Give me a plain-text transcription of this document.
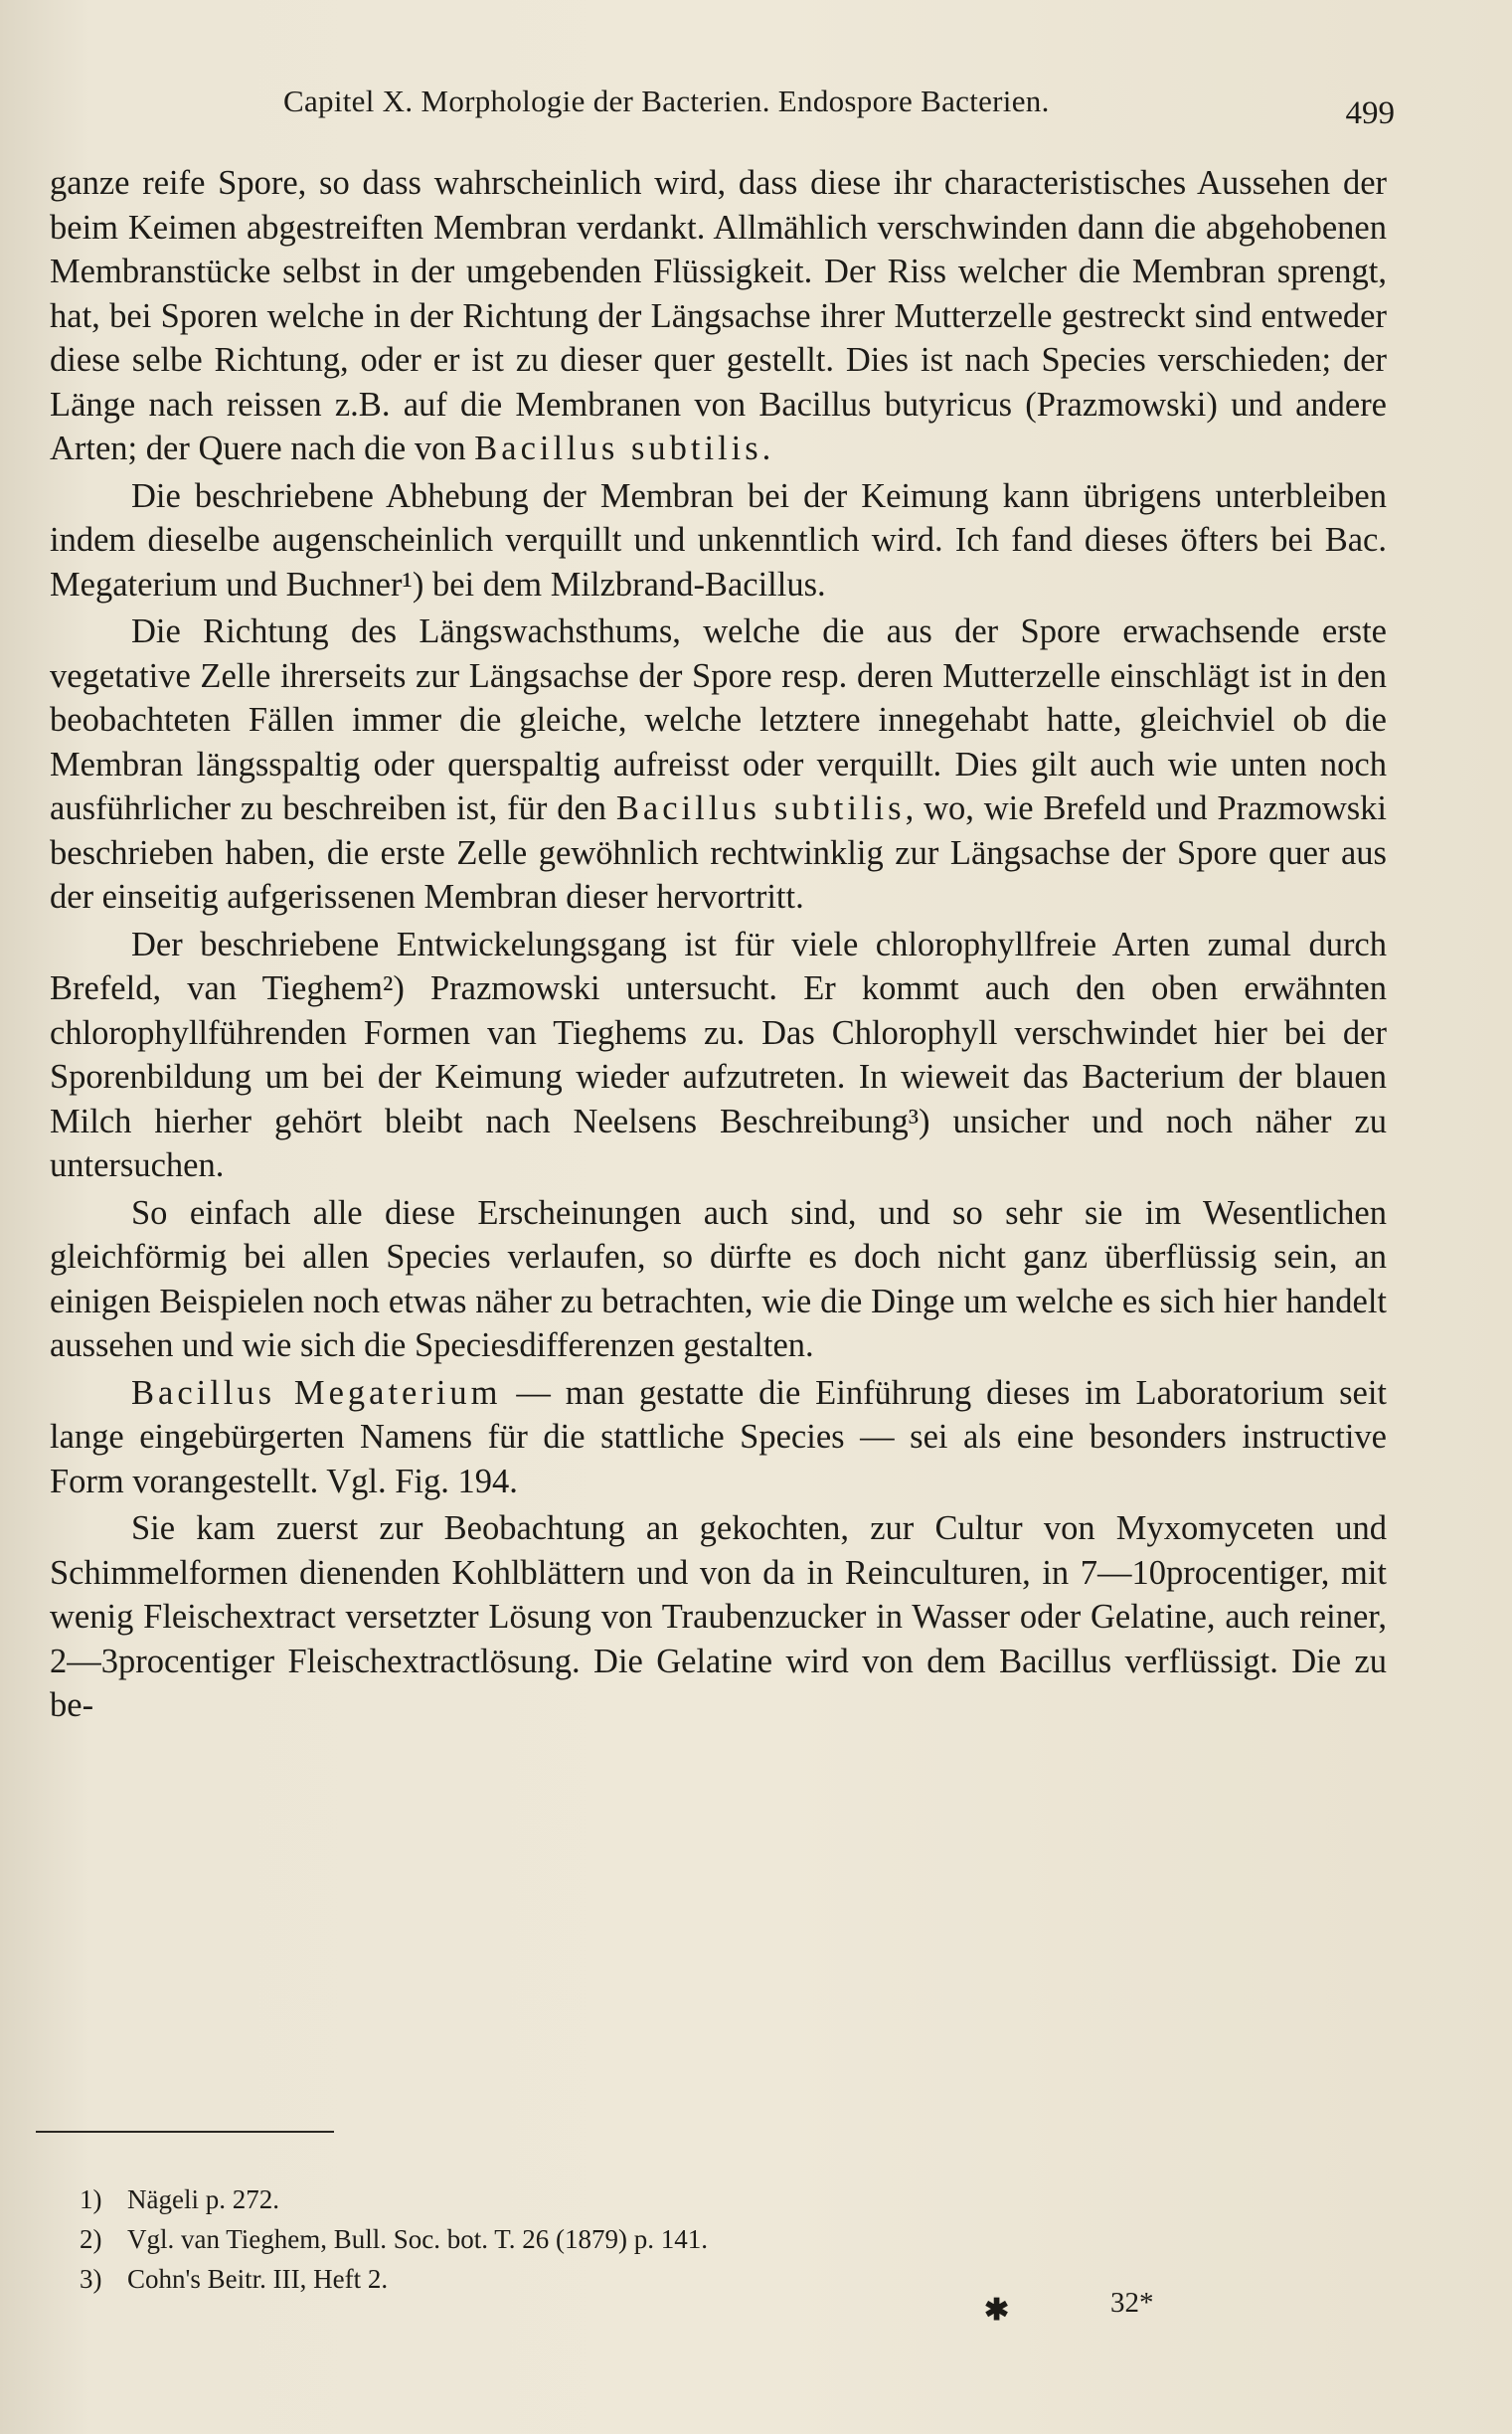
Capitel X. Morphologie der Bacterien. Endospore Bacterien.	499

ganze reife Spore, so dass wahrscheinlich wird, dass diese ihr characteristisches Aussehen der beim Keimen abgestreiften Membran verdankt. Allmählich verschwinden dann die abgehobenen Membranstücke selbst in der umgebenden Flüssigkeit. Der Riss welcher die Membran sprengt, hat, bei Sporen welche in der Richtung der Längsachse ihrer Mutterzelle gestreckt sind entweder diese selbe Richtung, oder er ist zu dieser quer gestellt. Dies ist nach Species verschieden; der Länge nach reissen z.B. auf die Membranen von Bacillus butyricus (Prazmowski) und andere Arten; der Quere nach die von Bacillus subtilis.

Die beschriebene Abhebung der Membran bei der Keimung kann übrigens unterbleiben indem dieselbe augenscheinlich verquillt und unkenntlich wird. Ich fand dieses öfters bei Bac. Megaterium und Buchner¹) bei dem Milzbrand-Bacillus.

Die Richtung des Längswachsthums, welche die aus der Spore erwachsende erste vegetative Zelle ihrerseits zur Längsachse der Spore resp. deren Mutterzelle einschlägt ist in den beobachteten Fällen immer die gleiche, welche letztere innegehabt hatte, gleichviel ob die Membran längsspaltig oder querspaltig aufreisst oder verquillt. Dies gilt auch wie unten noch ausführlicher zu beschreiben ist, für den Bacillus subtilis, wo, wie Brefeld und Prazmowski beschrieben haben, die erste Zelle gewöhnlich rechtwinklig zur Längsachse der Spore quer aus der einseitig aufgerissenen Membran dieser hervortritt.

Der beschriebene Entwickelungsgang ist für viele chlorophyllfreie Arten zumal durch Brefeld, van Tieghem²) Prazmowski untersucht. Er kommt auch den oben erwähnten chlorophyllführenden Formen van Tieghems zu. Das Chlorophyll verschwindet hier bei der Sporenbildung um bei der Keimung wieder aufzutreten. In wieweit das Bacterium der blauen Milch hierher gehört bleibt nach Neelsens Beschreibung³) unsicher und noch näher zu untersuchen.

So einfach alle diese Erscheinungen auch sind, und so sehr sie im Wesentlichen gleichförmig bei allen Species verlaufen, so dürfte es doch nicht ganz überflüssig sein, an einigen Beispielen noch etwas näher zu betrachten, wie die Dinge um welche es sich hier handelt aussehen und wie sich die Speciesdifferenzen gestalten.

Bacillus Megaterium — man gestatte die Einführung dieses im Laboratorium seit lange eingebürgerten Namens für die stattliche Species — sei als eine besonders instructive Form vorangestellt. Vgl. Fig. 194.

Sie kam zuerst zur Beobachtung an gekochten, zur Cultur von Myxomyceten und Schimmelformen dienenden Kohlblättern und von da in Reinculturen, in 7—10procentiger, mit wenig Fleischextract versetzter Lösung von Traubenzucker in Wasser oder Gelatine, auch reiner, 2—3procentiger Fleischextractlösung. Die Gelatine wird von dem Bacillus verflüssigt. Die zu be-

1) Nägeli p. 272.
2) Vgl. van Tieghem, Bull. Soc. bot. T. 26 (1879) p. 141.
3) Cohn's Beitr. III, Heft 2.
✱	32*
